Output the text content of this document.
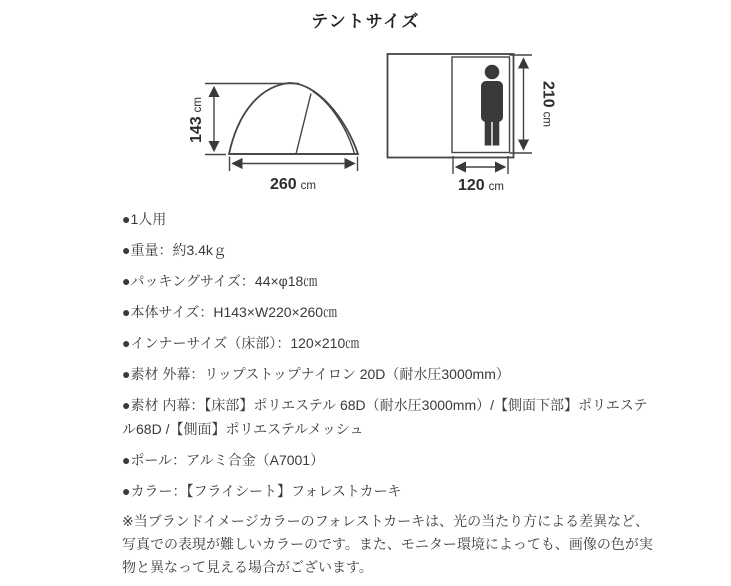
テントサイズ
143cm
260 cm
210cm
120 cm

●1人用

●重量：約3.4kｇ

●パッキングサイズ：44×φ18㎝

●本体サイズ：H143×W220×260㎝

●インナーサイズ（床部）：120×210㎝

●素材 外幕：リップストップナイロン 20D（耐水圧3000mm）

●素材 内幕：【床部】ポリエステル 68D（耐水圧3000mm）/【側面下部】ポリエステル68D /【側面】ポリエステルメッシュ

●ポール：アルミ合金（A7001）

●カラー：【フライシート】フォレストカーキ

※当ブランドイメージカラーのフォレストカーキは、光の当たり方による差異など、写真での表現が難しいカラーのです。また、モニター環境によっても、画像の色が実物と異なって見える場合がございます。
